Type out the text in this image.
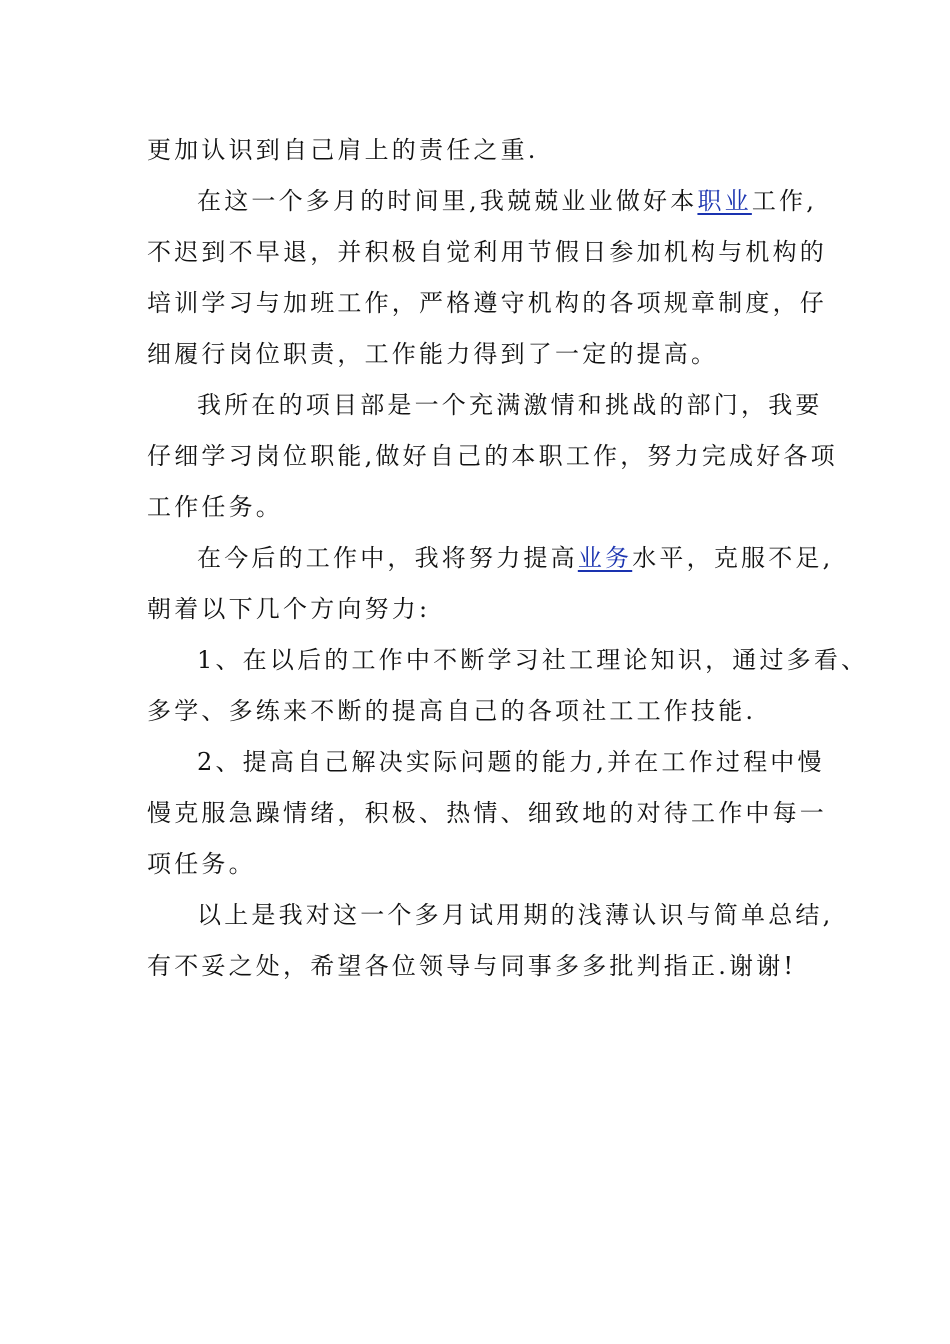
更加认识到自己肩上的责任之重.
在这一个多月的时间里,我兢兢业业做好本职业工作,
不迟到不早退，并积极自觉利用节假日参加机构与机构的
培训学习与加班工作，严格遵守机构的各项规章制度，仔
细履行岗位职责，工作能力得到了一定的提高。
我所在的项目部是一个充满激情和挑战的部门，我要
仔细学习岗位职能,做好自己的本职工作，努力完成好各项
工作任务。
在今后的工作中，我将努力提高业务水平，克服不足,
朝着以下几个方向努力:
1、在以后的工作中不断学习社工理论知识，通过多看、
多学、多练来不断的提高自己的各项社工工作技能.
2、提高自己解决实际问题的能力,并在工作过程中慢
慢克服急躁情绪，积极、热情、细致地的对待工作中每一
项任务。
以上是我对这一个多月试用期的浅薄认识与简单总结,
有不妥之处，希望各位领导与同事多多批判指正.谢谢!
